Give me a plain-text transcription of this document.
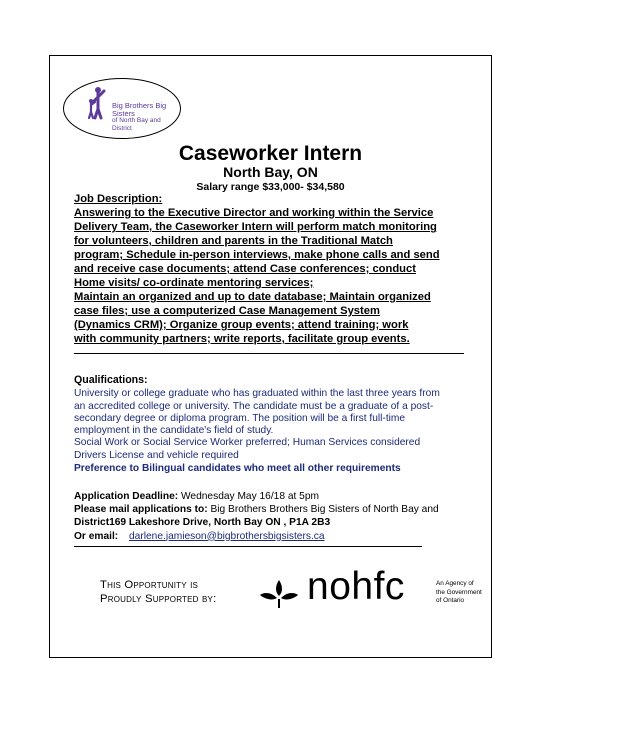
Big Brothers Big Sisters
of North Bay and District
Caseworker Intern
North Bay, ON
Salary range $33,000- $34,580

Job Description:

Answering to the Executive Director and working within the Service

Delivery Team, the Caseworker Intern will perform match monitoring

for volunteers, children and parents in the Traditional Match

program; Schedule in-person interviews, make phone calls and send

and receive case documents; attend Case conferences; conduct

Home visits/ co-ordinate mentoring services;

Maintain an organized and up to date database; Maintain organized

case files; use a computerized Case Management System

(Dynamics CRM); Organize group events; attend training; work

with community partners; write reports, facilitate group events.

Qualifications:

University or college graduate who has graduated within the last three years from

an accredited college or university. The candidate must be a graduate of a post-

secondary degree or diploma program. The position will be a first full-time

employment in the candidate's field of study.

Social Work or Social Service Worker preferred; Human Services considered

Drivers License and vehicle required

Preference to Bilingual candidates who meet all other requirements

Application Deadline: Wednesday May 16/18 at 5pm

Please mail applications to: Big Brothers Brothers Big Sisters of North Bay and

District169 Lakeshore Drive, North Bay ON , P1A 2B3

Or email: darlene.jamieson@bigbrothersbigsisters.ca

This Opportunity is
Proudly Supported by: nohfc	An Agency of
the Government
of Ontario
